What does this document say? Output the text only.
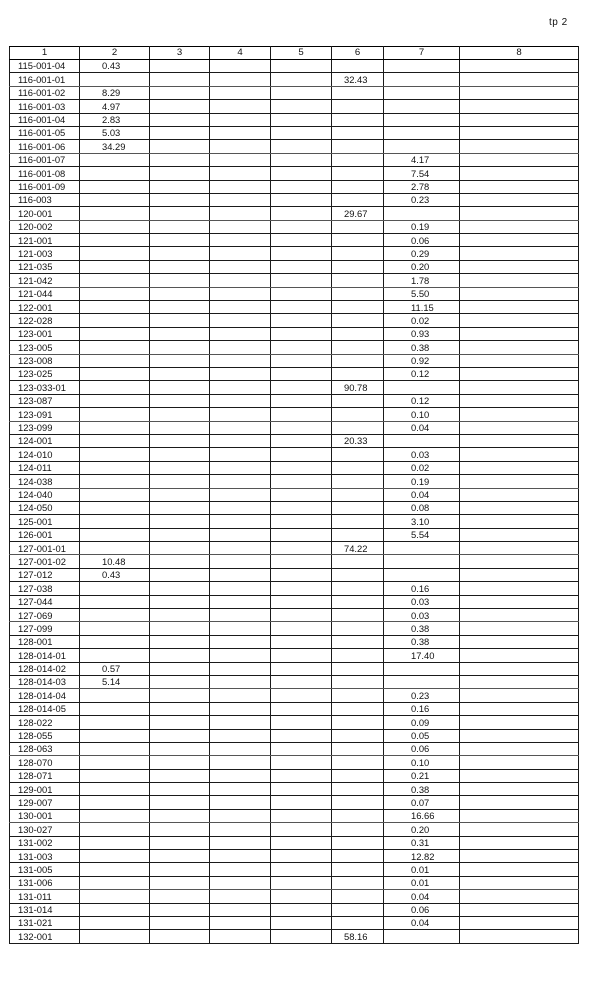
tp 2
1	2	3	4	5	6	7	8
115-001-04	0.43						
116-001-01					32.43		
116-001-02	8.29						
116-001-03	4.97						
116-001-04	2.83						
116-001-05	5.03						
116-001-06	34.29						
116-001-07						4.17	
116-001-08						7.54	
116-001-09						2.78	
116-003						0.23	
120-001					29.67		
120-002						0.19	
121-001						0.06	
121-003						0.29	
121-035						0.20	
121-042						1.78	
121-044						5.50	
122-001						11.15	
122-028						0.02	
123-001						0.93	
123-005						0.38	
123-008						0.92	
123-025						0.12	
123-033-01					90.78		
123-087						0.12	
123-091						0.10	
123-099						0.04	
124-001					20.33		
124-010						0.03	
124-011						0.02	
124-038						0.19	
124-040						0.04	
124-050						0.08	
125-001						3.10	
126-001						5.54	
127-001-01					74.22		
127-001-02	10.48						
127-012	0.43						
127-038						0.16	
127-044						0.03	
127-069						0.03	
127-099						0.38	
128-001						0.38	
128-014-01						17.40	
128-014-02	0.57						
128-014-03	5.14						
128-014-04						0.23	
128-014-05						0.16	
128-022						0.09	
128-055						0.05	
128-063						0.06	
128-070						0.10	
128-071						0.21	
129-001						0.38	
129-007						0.07	
130-001						16.66	
130-027						0.20	
131-002						0.31	
131-003						12.82	
131-005						0.01	
131-006						0.01	
131-011						0.04	
131-014						0.06	
131-021						0.04	
132-001					58.16		
